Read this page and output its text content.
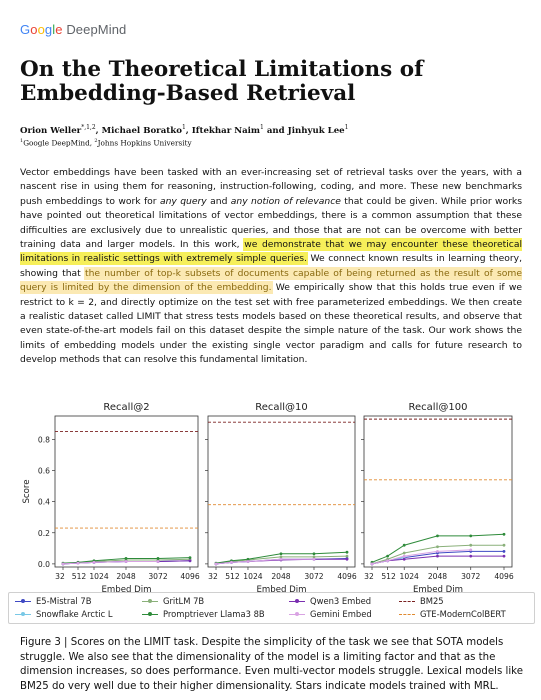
Google DeepMind
On the Theoretical Limitations of
Embedding-Based Retrieval
Orion Weller$^{*,1,2}$, Michael Boratko$^1$, Iftekhar Naim$^1$ and Jinhyuk Lee$^1$
$^1$Google DeepMind, $^2$Johns Hopkins University
Vector embeddings have been tasked with an ever-increasing set of retrieval tasks over the years, with a nascent rise in using them for reasoning, instruction-following, coding, and more. These new benchmarks push embeddings to work for any query and any notion of relevance that could be given. While prior works have pointed out theoretical limitations of vector embeddings, there is a common assumption that these difficulties are exclusively due to unrealistic queries, and those that are not can be overcome with better training data and larger models. In this work, we demonstrate that we may encounter these theoretical limitations in realistic settings with extremely simple queries. We connect known results in learning theory, showing that the number of top-k subsets of documents capable of being returned as the result of some query is limited by the dimension of the embedding. We empirically show that this holds true even if we restrict to k = 2, and directly optimize on the test set with free parameterized embeddings. We then create a realistic dataset called LIMIT that stress tests models based on these theoretical results, and observe that even state-of-the-art models fail on this dataset despite the simple nature of the task. Our work shows the limits of embedding models under the existing single vector paradigm and calls for future research to develop methods that can resolve this fundamental limitation.
Recall@2
32 512 1024 2048 3072 4096
Embed Dim
0.0
0.2
0.4
0.6
0.8
Score
Recall@10
32 512 1024 2048 3072 4096
Embed Dim
Recall@100
32 512 1024 2048 3072 4096
Embed Dim
E5-Mistral 7B
Snowflake Arctic L
GritLM 7B
Promptriever Llama3 8B
Qwen3 Embed
Gemini Embed
BM25
GTE-ModernColBERT
Figure 3 | Scores on the LIMIT task. Despite the simplicity of the task we see that SOTA models struggle. We also see that the dimensionality of the model is a limiting factor and that as the dimension increases, so does performance. Even multi-vector models struggle. Lexical models like BM25 do very well due to their higher dimensionality. Stars indicate models trained with MRL.
